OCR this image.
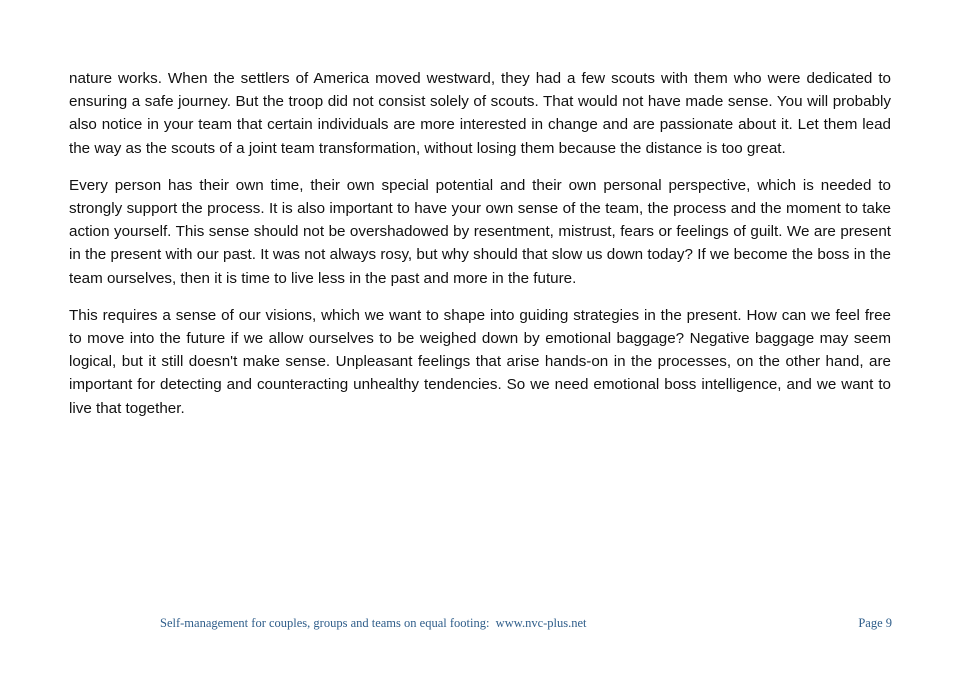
nature works. When the settlers of America moved westward, they had a few scouts with them who were dedicated to ensuring a safe journey. But the troop did not consist solely of scouts. That would not have made sense. You will probably also notice in your team that certain individuals are more interested in change and are passionate about it. Let them lead the way as the scouts of a joint team transformation, without losing them because the distance is too great.

Every person has their own time, their own special potential and their own personal perspective, which is needed to strongly support the process. It is also important to have your own sense of the team, the process and the moment to take action yourself. This sense should not be overshadowed by resentment, mistrust, fears or feelings of guilt. We are present in the present with our past. It was not always rosy, but why should that slow us down today? If we become the boss in the team ourselves, then it is time to live less in the past and more in the future.

This requires a sense of our visions, which we want to shape into guiding strategies in the present. How can we feel free to move into the future if we allow ourselves to be weighed down by emotional baggage? Negative baggage may seem logical, but it still doesn't make sense. Unpleasant feelings that arise hands-on in the processes, on the other hand, are important for detecting and counteracting unhealthy tendencies. So we need emotional boss intelligence, and we want to live that together.

Self-management for couples, groups and teams on equal footing:  www.nvc-plus.net	Page 9
